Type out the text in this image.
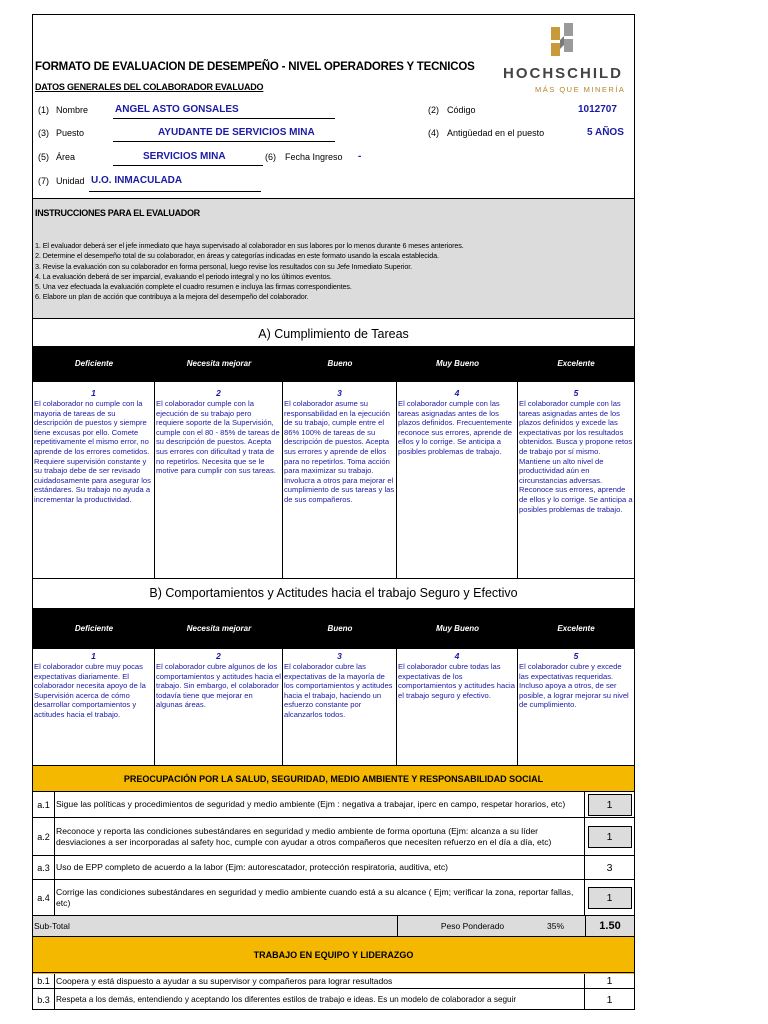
HOCHSCHILD
MÁS QUE MINERÍA
FORMATO DE EVALUACION DE DESEMPEÑO - NIVEL OPERADORES Y TECNICOS
DATOS GENERALES DEL COLABORADOR EVALUADO
(1) Nombre	ANGEL ASTO GONSALES	(2) Código	1012707
(3) Puesto	AYUDANTE DE SERVICIOS MINA	(4) Antigüedad en el puesto	5 AÑOS
(5) Área	SERVICIOS MINA	(6) Fecha Ingreso -
(7) Unidad U.O. INMACULADA
INSTRUCCIONES PARA EL EVALUADOR
1. El evaluador deberá ser el jefe inmediato que haya supervisado al colaborador en sus labores por lo menos durante 6 meses anteriores.
2. Determine el desempeño total de su colaborador, en áreas y categorías indicadas en este formato usando la escala establecida.
3. Revise la evaluación con su colaborador en forma personal, luego revise los resultados con su Jefe Inmediato Superior.
4. La evaluación deberá de ser imparcial, evaluando el periodo integral y no los últimos eventos.
5. Una vez efectuada la evaluación complete el cuadro resumen e incluya las firmas correspondientes.
6. Elabore un plan de acción que contribuya a la mejora del desempeño del colaborador.
A) Cumplimiento de Tareas
Deficiente	Necesita mejorar	Bueno	Muy Bueno	Excelente
1
El colaborador no cumple con la mayoria de tareas de su descripción de puestos y siempre tiene excusas por ello. Comete repetitivamente el mismo error, no aprende de los errores cometidos. Requiere supervisión constante y su trabajo debe de ser revisado cuidadosamente para asegurar los estándares. Su trabajo no ayuda a incrementar la productividad.
2
El colaborador cumple con la ejecución de su trabajo pero requiere soporte de la Supervisión, cumple con el 80 - 85% de tareas de su descripción de puestos. Acepta sus errores con dificultad y trata de no repetirlos. Necesita que se le motive para cumplir con sus tareas.
3
El colaborador asume su responsabilidad en la ejecución de su trabajo, cumple entre el 86% 100% de tareas de su descripción de puestos. Acepta sus errores y aprende de ellos para no repetirlos. Toma acción para maximizar su trabajo. Involucra a otros para mejorar el cumplimiento de sus tareas y las de sus compañeros.
4
El colaborador cumple con las tareas asignadas antes de los plazos definidos. Frecuentemente reconoce sus errores, aprende de ellos y lo corrige. Se anticipa a posibles problemas de trabajo.
5
El colaborador cumple con las tareas asignadas antes de los plazos definidos y excede las expectativas por los resultados obtenidos. Busca y propone retos de trabajo por sí mismo. Mantiene un alto nivel de productividad aún en circunstancias adversas. Reconoce sus errores, aprende de ellos y lo corrige. Se anticipa a posibles problemas de trabajo.
B) Comportamientos y Actitudes hacia el trabajo Seguro y Efectivo
Deficiente	Necesita mejorar	Bueno	Muy Bueno	Excelente
1
El colaborador cubre muy pocas expectativas diariamente. El colaborador necesita apoyo de la Supervisión acerca de cómo desarrollar comportamientos y actitudes hacia el trabajo.
2
El colaborador cubre algunos de los comportamientos y actitudes hacia el trabajo. Sin embargo, el colaborador todavía tiene que mejorar en algunas áreas.
3
El colaborador cubre las expectativas de la mayoría de los comportamientos y actitudes hacia el trabajo, haciendo un esfuerzo constante por alcanzarlos todos.
4
El colaborador cubre todas las expectativas de los comportamientos y actitudes hacia el trabajo seguro y efectivo.
5
El colaborador cubre y excede las expectativas requeridas. Incluso apoya a otros, de ser posible, a lograr mejorar su nivel de cumplimiento.
PREOCUPACIÓN POR LA SALUD, SEGURIDAD, MEDIO AMBIENTE Y RESPONSABILIDAD SOCIAL
a.1 Sigue las políticas y procedimientos de seguridad y medio ambiente (Ejm : negativa a trabajar, iperc en campo, respetar horarios, etc)	1
a.2
Reconoce y reporta las condiciones subestándares en seguridad y medio ambiente de forma oportuna (Ejm: alcanza a su líder desviaciones a ser incorporadas al safety hoc, cumple con ayudar a otros compañeros que necesiten refuerzo en el día a día, etc)	1
a.3 Uso de EPP completo de acuerdo a la labor (Ejm: autorescatador, protección respiratoria, auditiva, etc)	3
a.4
Corrige las condiciones subestándares en seguridad y medio ambiente cuando está a su alcance ( Ejm; verificar la zona, reportar fallas, etc)	1
Sub-Total	Peso Ponderado	35%	1.50
TRABAJO EN EQUIPO Y LIDERAZGO
b.1 Coopera y está dispuesto a ayudar a su supervisor y compañeros para lograr resultados	1
b.3 Respeta a los demás, entendiendo y aceptando los diferentes estilos de trabajo e ideas. Es un modelo de colaborador a seguir	1
